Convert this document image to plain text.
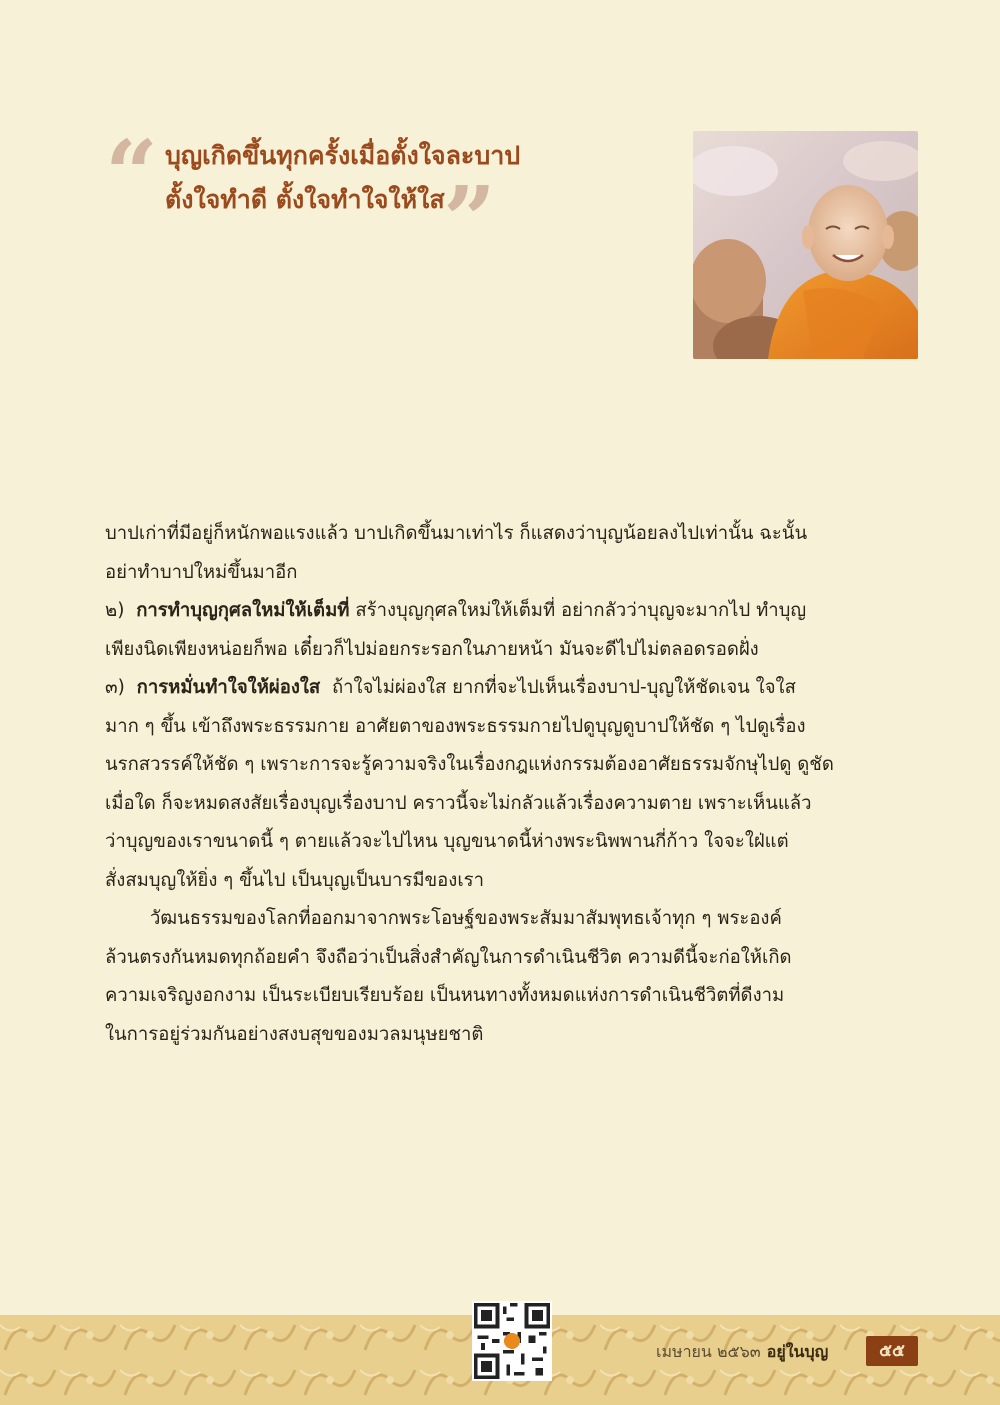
“ บุญเกิดขึ้นทุกครั้งเมื่อตั้งใจละบาป
ตั้งใจทำดี ตั้งใจทำใจให้ใส
”

บาปเก่าที่มีอยู่ก็หนักพอแรงแล้ว บาปเกิดขึ้นมาเท่าไร ก็แสดงว่าบุญน้อยลงไปเท่านั้น ฉะนั้น

อย่าทำบาปใหม่ขึ้นมาอีก

๒) การทำบุญกุศลใหม่ให้เต็มที่ สร้างบุญกุศลใหม่ให้เต็มที่ อย่ากลัวว่าบุญจะมากไป ทำบุญ

เพียงนิดเพียงหน่อยก็พอ เดี๋ยวก็ไปม่อยกระรอกในภายหน้า มันจะดีไปไม่ตลอดรอดฝั่ง

๓) การหมั่นทำใจให้ผ่องใส ถ้าใจไม่ผ่องใส ยากที่จะไปเห็นเรื่องบาป-บุญให้ชัดเจน ใจใส

มาก ๆ ขึ้น เข้าถึงพระธรรมกาย อาศัยตาของพระธรรมกายไปดูบุญดูบาปให้ชัด ๆ ไปดูเรื่อง

นรกสวรรค์ให้ชัด ๆ เพราะการจะรู้ความจริงในเรื่องกฎแห่งกรรมต้องอาศัยธรรมจักษุไปดู ดูชัด

เมื่อใด ก็จะหมดสงสัยเรื่องบุญเรื่องบาป คราวนี้จะไม่กลัวแล้วเรื่องความตาย เพราะเห็นแล้ว

ว่าบุญของเราขนาดนี้ ๆ ตายแล้วจะไปไหน บุญขนาดนี้ห่างพระนิพพานกี่ก้าว ใจจะใฝ่แต่

สั่งสมบุญให้ยิ่ง ๆ ขึ้นไป เป็นบุญเป็นบารมีของเรา

วัฒนธรรมของโลกที่ออกมาจากพระโอษฐ์ของพระสัมมาสัมพุทธเจ้าทุก ๆ พระองค์

ล้วนตรงกันหมดทุกถ้อยคำ จึงถือว่าเป็นสิ่งสำคัญในการดำเนินชีวิต ความดีนี้จะก่อให้เกิด

ความเจริญงอกงาม เป็นระเบียบเรียบร้อย เป็นหนทางทั้งหมดแห่งการดำเนินชีวิตที่ดีงาม

ในการอยู่ร่วมกันอย่างสงบสุขของมวลมนุษยชาติ

เมษายน ๒๕๖๓ อยู่ในบุญ	๕๕
